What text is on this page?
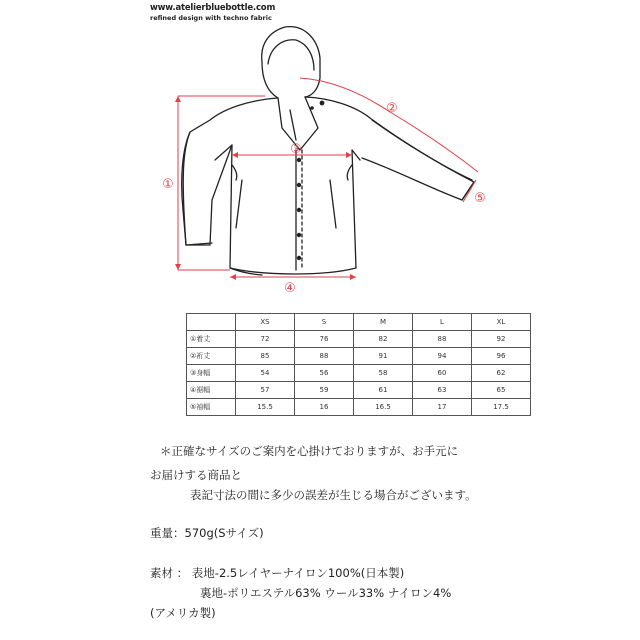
www.atelierbluebottle.com
refined design with techno fabric
①
②
③
④
⑤
	XS	S	M	L	XL
①着丈	72	76	82	88	92
②裄丈	85	88	91	94	96
③身幅	54	56	58	60	62
④裾幅	57	59	61	63	65
⑤袖幅	15.5	16	16.5	17	17.5
＊正確なサイズのご案内を心掛けておりますが、お手元に
お届けする商品と
表記寸法の間に多少の誤差が生じる場合がございます。
重量：570g(Sサイズ)
素材 ： 表地-2.5レイヤーナイロン100%(日本製)
裏地-ポリエステル63% ウール33% ナイロン4%
(アメリカ製)
